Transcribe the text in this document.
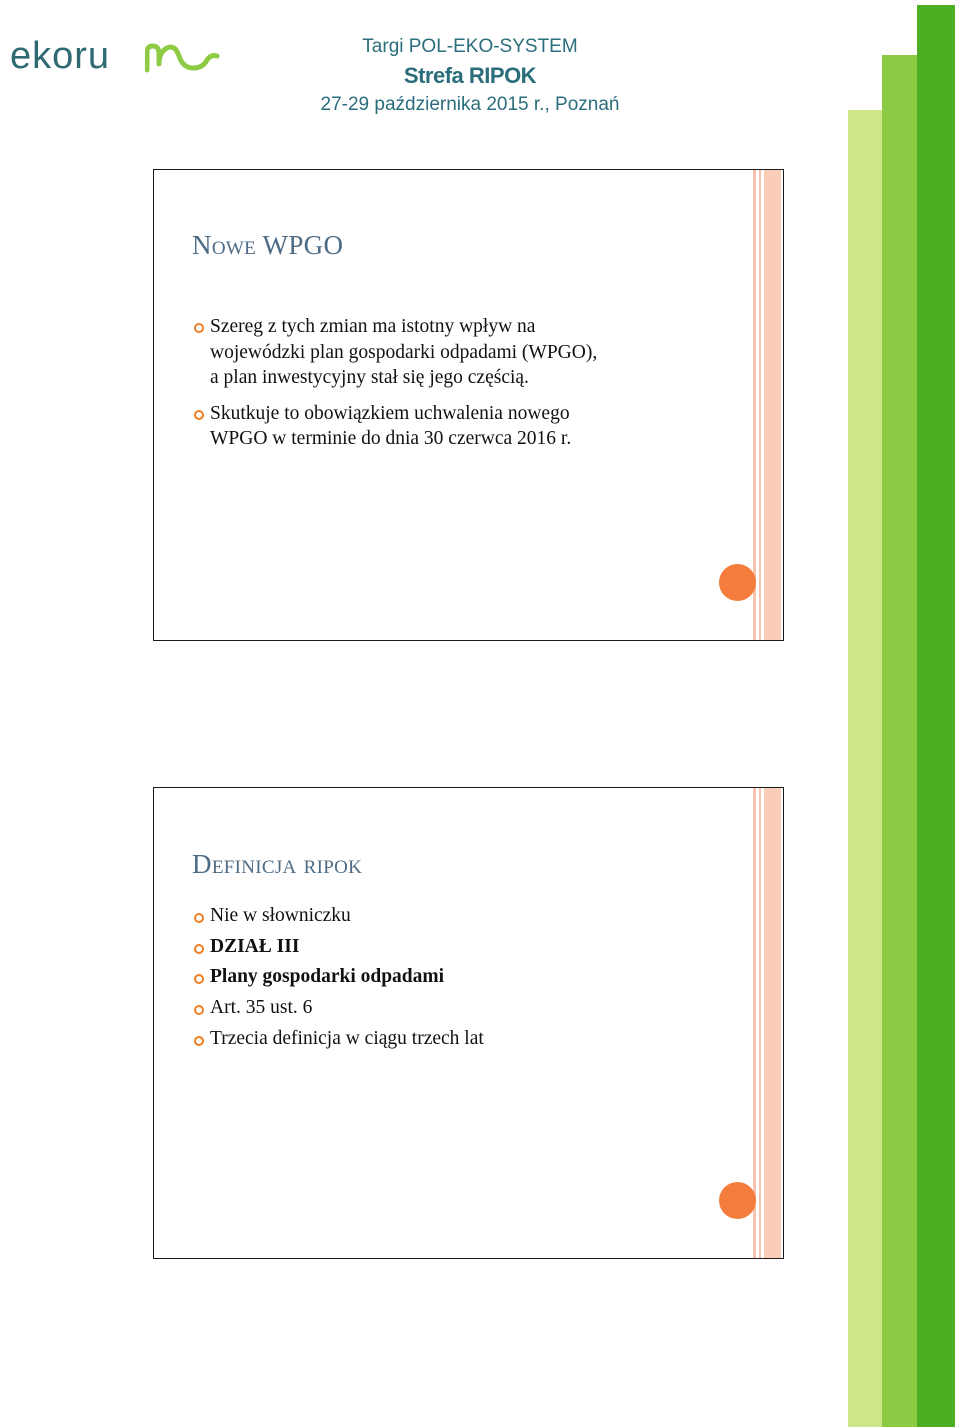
ekoru	Targi POL-EKO-SYSTEM
Strefa RIPOK
27-29 października 2015 r., Poznań
Nowe WPGO
Szereg z tych zmian ma istotny wpływ na
wojewódzki plan gospodarki odpadami (WPGO),
a plan inwestycyjny stał się jego częścią.
Skutkuje to obowiązkiem uchwalenia nowego
WPGO w terminie do dnia 30 czerwca 2016 r.
Definicja ripok
Nie w słowniczku
DZIAŁ III
Plany gospodarki odpadami
Art. 35 ust. 6
Trzecia definicja w ciągu trzech lat
